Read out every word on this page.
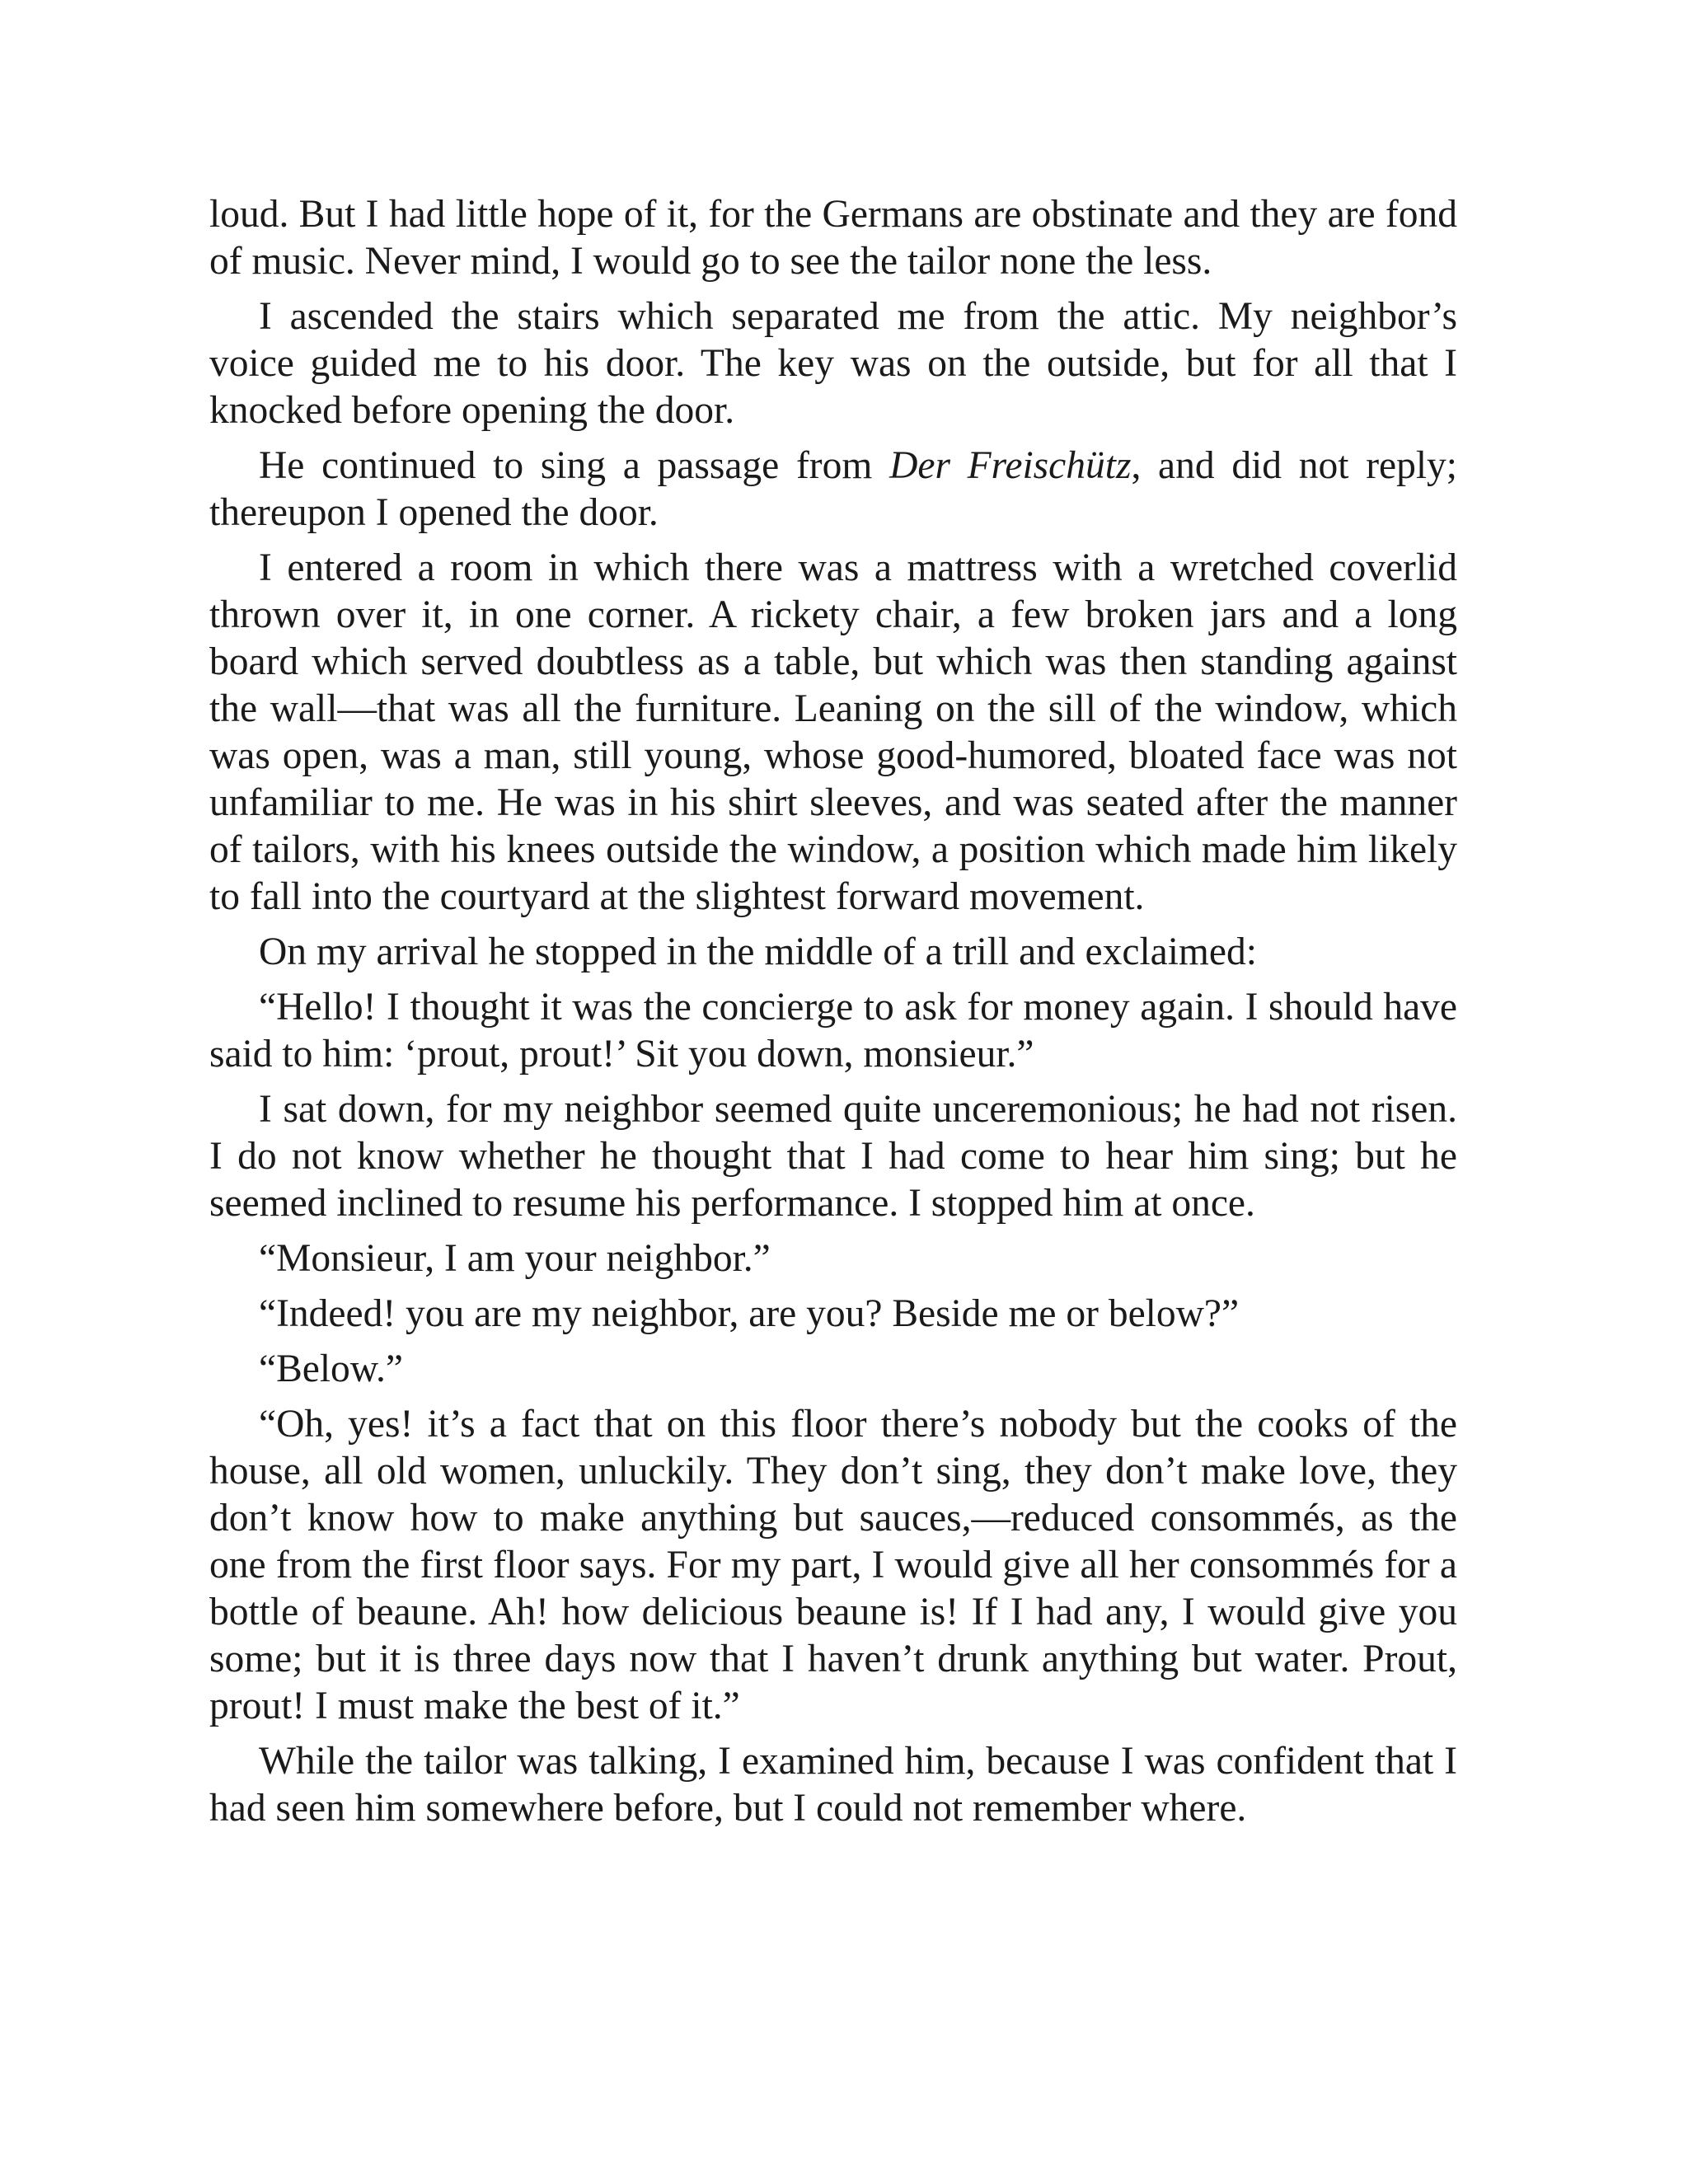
loud. But I had little hope of it, for the Germans are obstinate and they are fond of music. Never mind, I would go to see the tailor none the less.

I ascended the stairs which separated me from the attic. My neighbor’s voice guided me to his door. The key was on the outside, but for all that I knocked before opening the door.

He continued to sing a passage from Der Freischütz, and did not reply; thereupon I opened the door.

I entered a room in which there was a mattress with a wretched coverlid thrown over it, in one corner. A rickety chair, a few broken jars and a long board which served doubtless as a table, but which was then standing against the wall—that was all the furniture. Leaning on the sill of the window, which was open, was a man, still young, whose good-humored, bloated face was not unfamiliar to me. He was in his shirt sleeves, and was seated after the manner of tailors, with his knees outside the window, a position which made him likely to fall into the courtyard at the slightest forward movement.

On my arrival he stopped in the middle of a trill and exclaimed:

“Hello! I thought it was the concierge to ask for money again. I should have said to him: ‘prout, prout!’ Sit you down, monsieur.”

I sat down, for my neighbor seemed quite unceremonious; he had not risen. I do not know whether he thought that I had come to hear him sing; but he seemed inclined to resume his performance. I stopped him at once.

“Monsieur, I am your neighbor.”

“Indeed! you are my neighbor, are you? Beside me or below?”

“Below.”

“Oh, yes! it’s a fact that on this floor there’s nobody but the cooks of the house, all old women, unluckily. They don’t sing, they don’t make love, they don’t know how to make anything but sauces,—reduced consommés, as the one from the first floor says. For my part, I would give all her consommés for a bottle of beaune. Ah! how delicious beaune is! If I had any, I would give you some; but it is three days now that I haven’t drunk anything but water. Prout, prout! I must make the best of it.”

While the tailor was talking, I examined him, because I was confident that I had seen him somewhere before, but I could not remember where.
